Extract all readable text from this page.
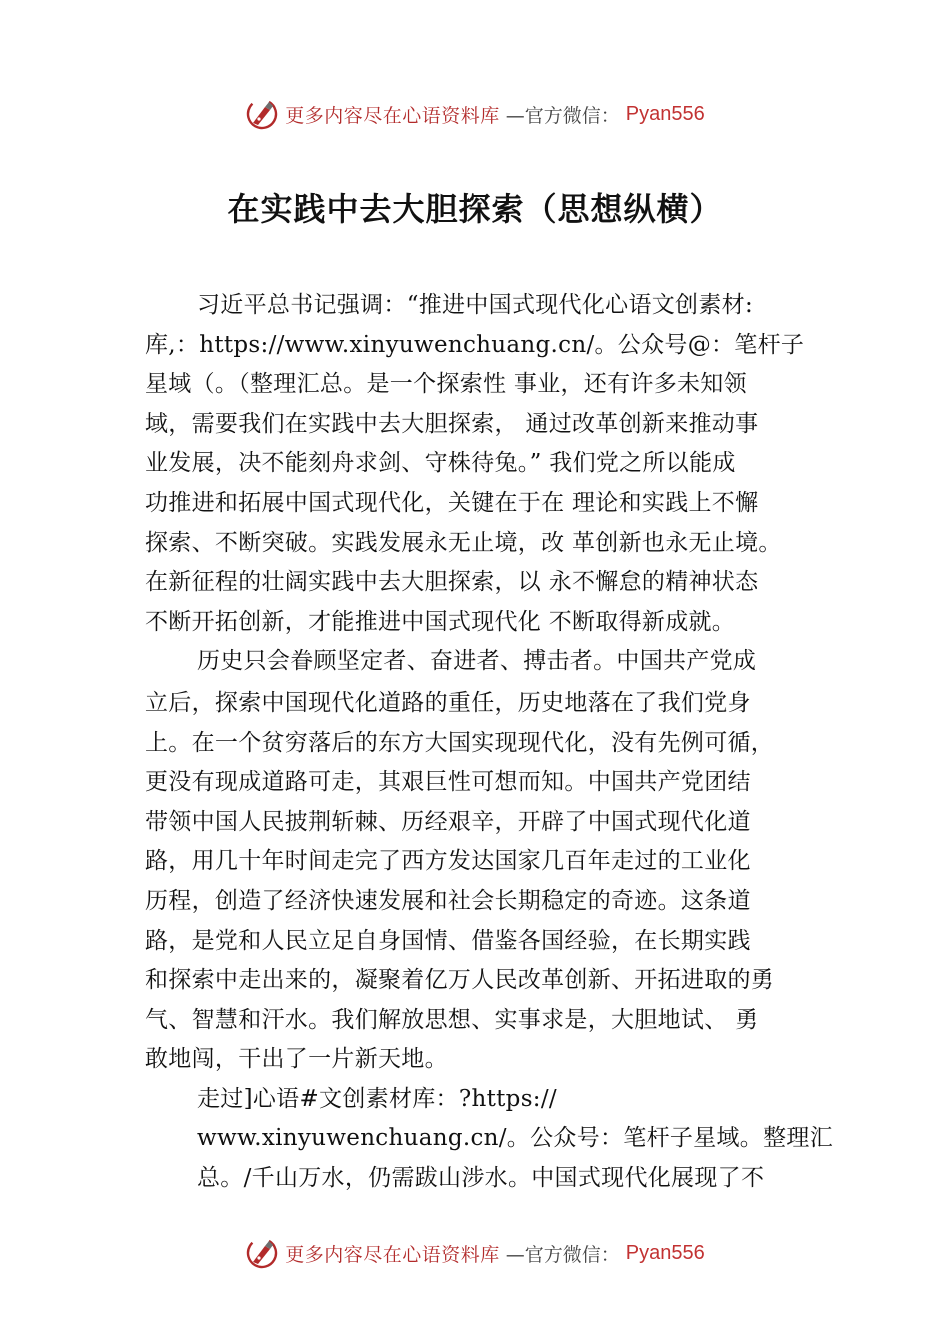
更多内容尽在心语资料库 —官方微信： Pyan556
在实践中去大胆探索（思想纵横）
习近平总书记强调：“推进中国式现代化心语文创素材:
库,：https://www.xinyuwenchuang.cn/。公众号@：笔杆子
星域（。（整理汇总。是一个探索性 事业，还有许多未知领
域，需要我们在实践中去大胆探索， 通过改革创新来推动事
业发展，决不能刻舟求剑、守株待兔。” 我们党之所以能成
功推进和拓展中国式现代化，关键在于在 理论和实践上不懈
探索、不断突破。实践发展永无止境，改 革创新也永无止境。
在新征程的壮阔实践中去大胆探索，以 永不懈怠的精神状态
不断开拓创新，才能推进中国式现代化 不断取得新成就。
历史只会眷顾坚定者、奋进者、搏击者。中国共产党成
立后，探索中国现代化道路的重任，历史地落在了我们党身
上。在一个贫穷落后的东方大国实现现代化，没有先例可循，
更没有现成道路可走，其艰巨性可想而知。中国共产党团结
带领中国人民披荆斩棘、历经艰辛，开辟了中国式现代化道
路，用几十年时间走完了西方发达国家几百年走过的工业化
历程，创造了经济快速发展和社会长期稳定的奇迹。这条道
路，是党和人民立足自身国情、借鉴各国经验，在长期实践
和探索中走出来的，凝聚着亿万人民改革创新、开拓进取的勇
气、智慧和汗水。我们解放思想、实事求是，大胆地试、 勇
敢地闯，干出了一片新天地。
走过]心语#文创素材库：?https://
www.xinyuwenchuang.cn/。公众号：笔杆子星域。整理汇
总。/千山万水，仍需跋山涉水。中国式现代化展现了不
更多内容尽在心语资料库 —官方微信： Pyan556
